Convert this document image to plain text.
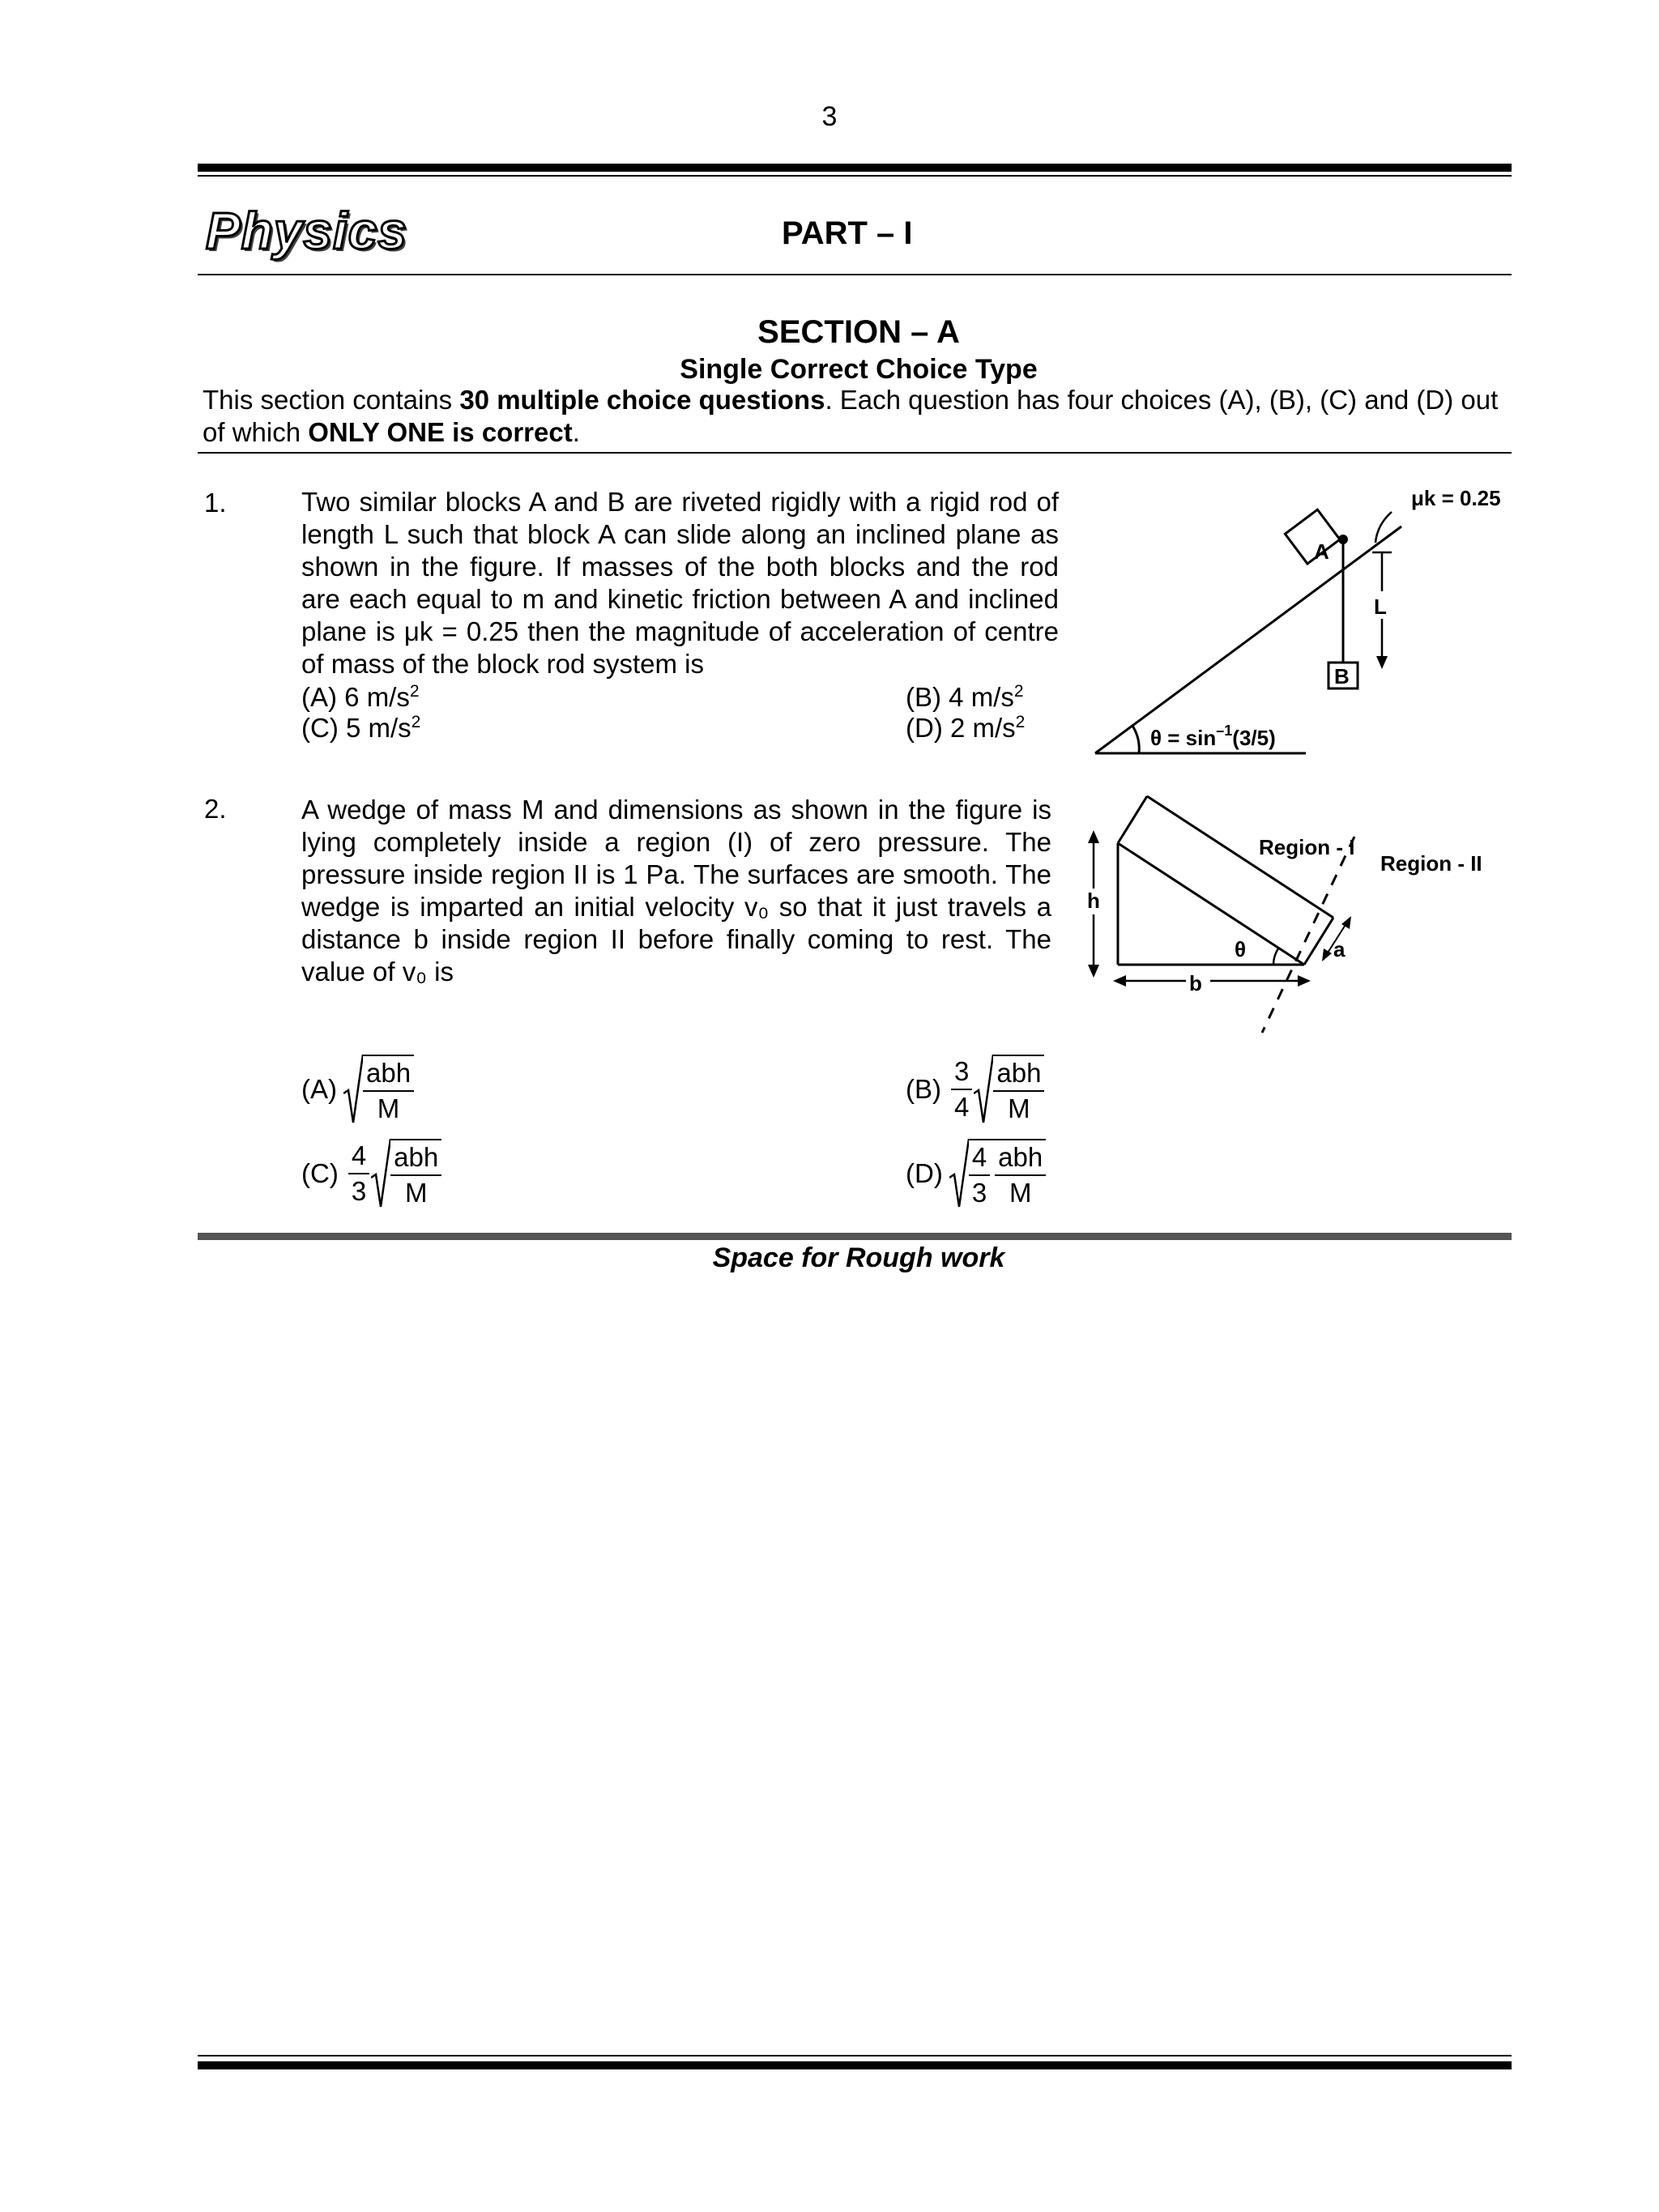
3
Physics	PART – I
SECTION – A
Single Correct Choice Type
This section contains 30 multiple choice questions. Each question has four choices (A), (B), (C) and (D) out of which ONLY ONE is correct.
1.	Two similar blocks A and B are riveted rigidly with a rigid rod of length L such that block A can slide along an inclined plane as shown in the figure. If masses of the both blocks and the rod are each equal to m and kinetic friction between A and inclined plane is μk = 0.25 then the magnitude of acceleration of centre of mass of the block rod system is
(A) 6 $m/s^2$	(B) 4 $m/s^2$
(C) 5 $m/s^2$	(D) 2 $m/s^2$
A
B
L
μk = 0.25
$\theta = \sin^{-1}(3/5)$
2.	A wedge of mass M and dimensions as shown in the figure is lying completely inside a region (I) of zero pressure. The pressure inside region II is 1 Pa. The surfaces are smooth. The wedge is imparted an initial velocity v₀ so that it just travels a distance b inside region II before finally coming to rest. The value of v₀ is
θ
h
b
a
Region - I
Region - II
$(A) \frac{\text{abh}}{M}$	$(B) \frac{3}{4} \frac{\text{abh}}{M}$
$(C) \frac{4}{3} \frac{\text{abh}}{M}$	$(D) \frac{4}{3} \frac{\text{abh}}{M}$
Space for Rough work
